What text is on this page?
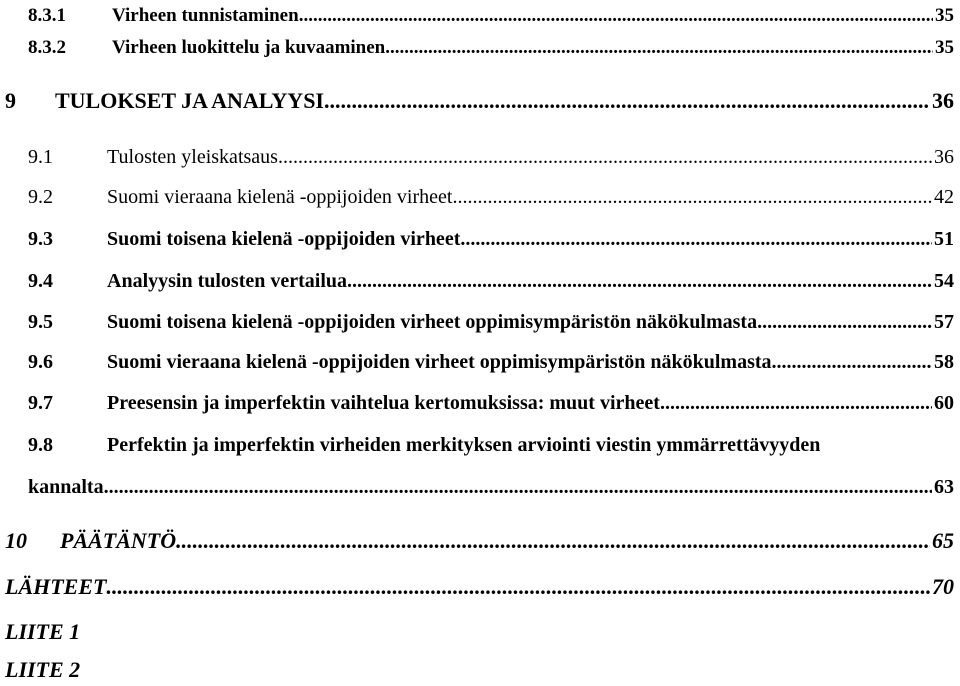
8.3.1	Virheen tunnistaminen .....	35
8.3.2	Virheen luokittelu ja kuvaaminen .....	35
9	TULOKSET JA ANALYYSI .....	36
9.1	Tulosten yleiskatsaus .....	36
9.2	Suomi vieraana kielenä -oppijoiden virheet .....	42
9.3	Suomi toisena kielenä -oppijoiden virheet .....	51
9.4	Analyysin tulosten vertailua .....	54
9.5	Suomi toisena kielenä -oppijoiden virheet oppimisympäristön näkökulmasta .....	57
9.6	Suomi vieraana kielenä -oppijoiden virheet oppimisympäristön näkökulmasta .....	58
9.7	Preesensin ja imperfektin vaihtelua kertomuksissa: muut virheet .....	60
9.8	Perfektin ja imperfektin virheiden merkityksen arviointi viestin ymmärrettävyyden
kannalta .....	63
10	PÄÄTÄNTÖ .....	65
LÄHTEET .....	70
LIITE 1
LIITE 2
